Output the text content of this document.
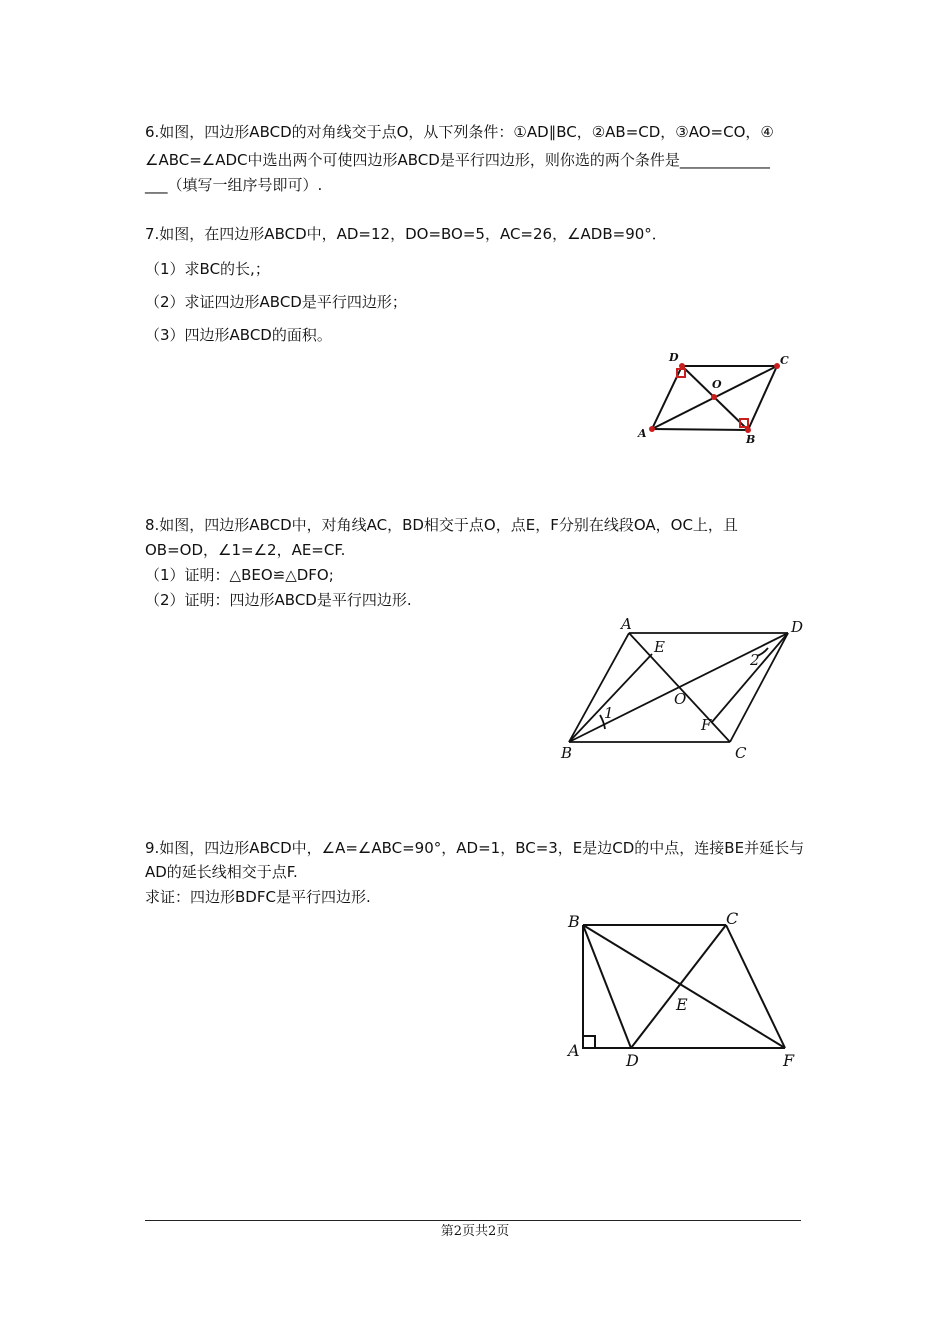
6.如图，四边形ABCD的对角线交于点O，从下列条件：①AD∥BC，②AB=CD，③AO=CO，④
∠ABC=∠ADC中选出两个可使四边形ABCD是平行四边形，则你选的两个条件是____________
___（填写一组序号即可）.
7.如图，在四边形ABCD中，AD=12，DO=BO=5，AC=26，∠ADB=90°．
（1）求BC的长,；
（2）求证四边形ABCD是平行四边形；
（3）四边形ABCD的面积。
D	C
O
A	B
8.如图，四边形ABCD中，对角线AC，BD相交于点O，点E，F分别在线段OA，OC上，且
OB=OD，∠1=∠2，AE=CF.
（1）证明：△BEO≌△DFO;
（2）证明：四边形ABCD是平行四边形.
A
E
D
2
1
O
F
B	C
9.如图，四边形ABCD中，∠A=∠ABC=90°，AD=1，BC=3，E是边CD的中点，连接BE并延长与
AD的延长线相交于点F.
求证：四边形BDFC是平行四边形.
B	C
E
A
D	F
第2页共2页
